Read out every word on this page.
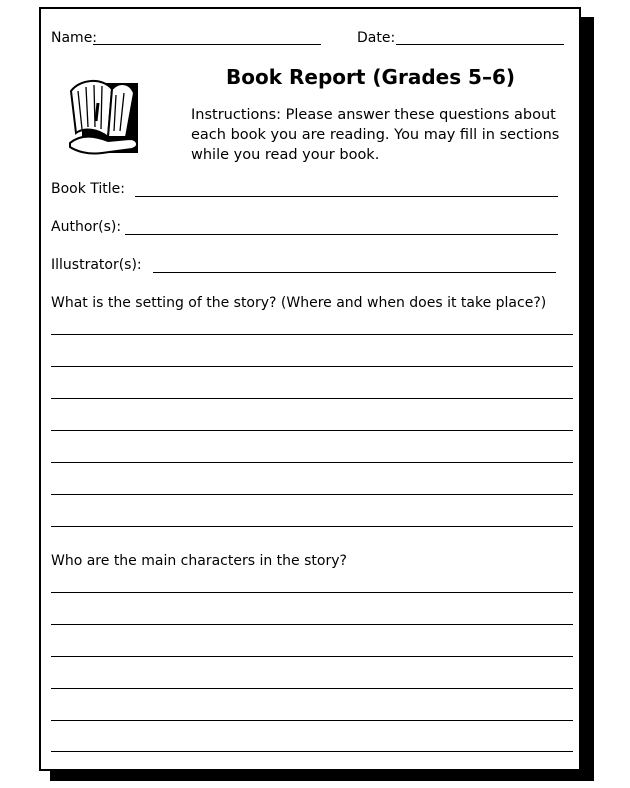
Name:	Date:
Book Report (Grades 5–6)
Instructions: Please answer these questions about each book you are reading. You may fill in sections while you read your book.
Book Title:
Author(s):
Illustrator(s):
What is the setting of the story? (Where and when does it take place?)
Who are the main characters in the story?
